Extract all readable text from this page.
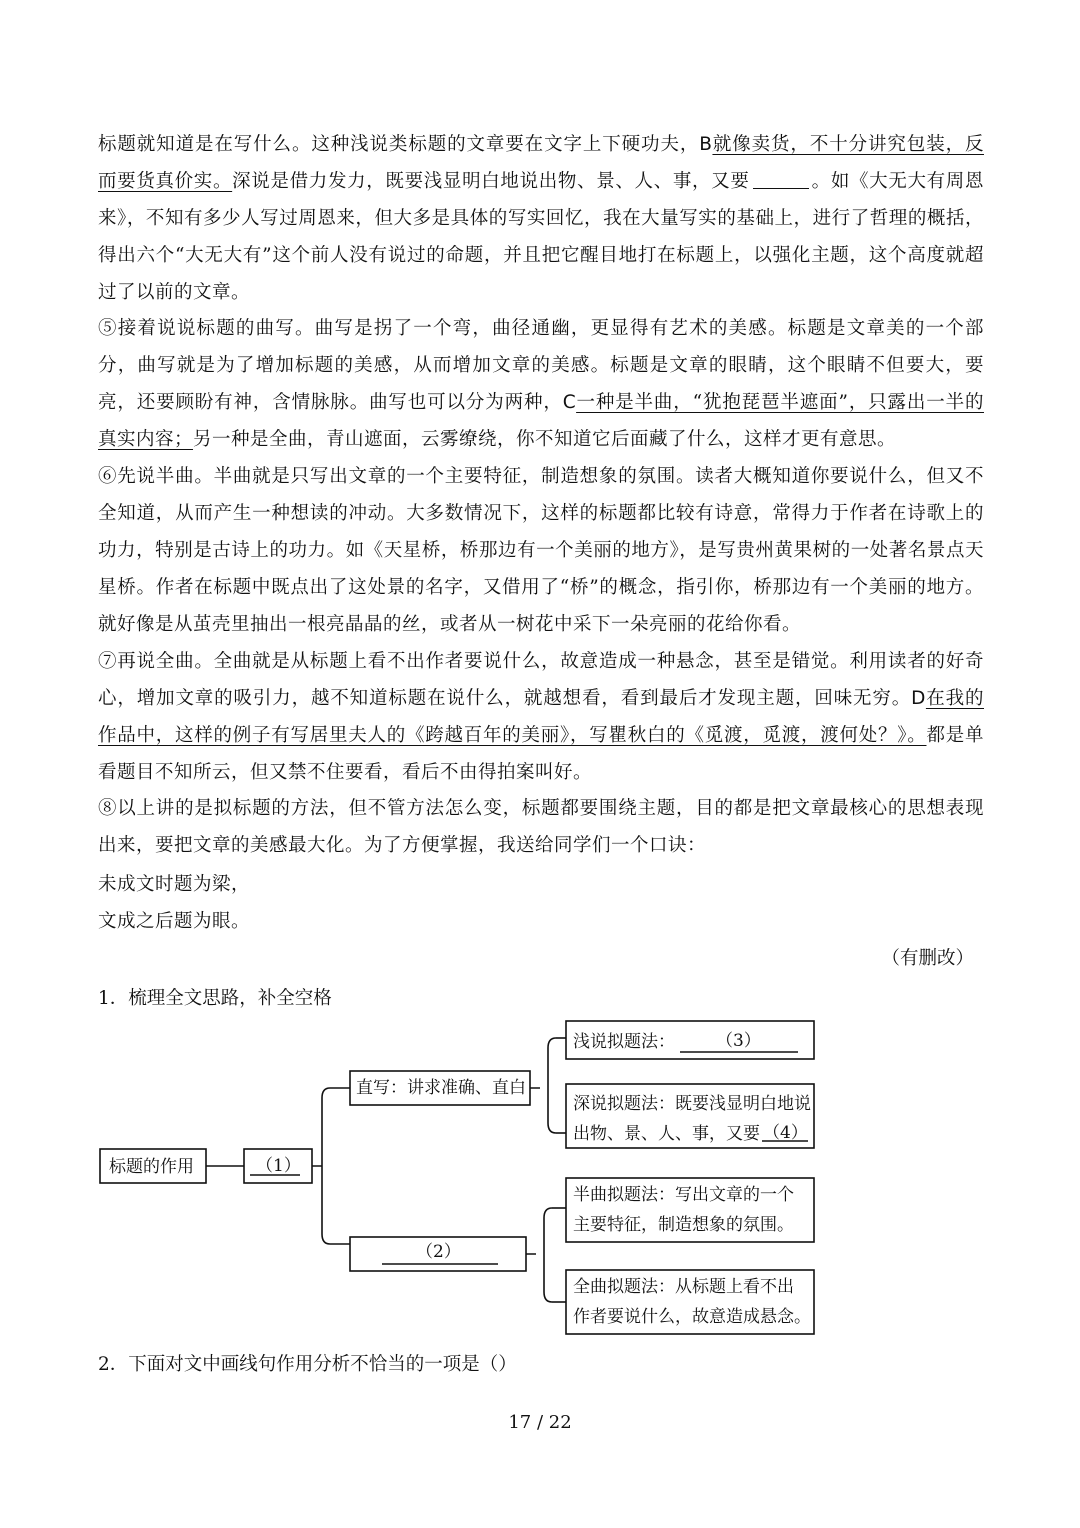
标题就知道是在写什么。这种浅说类标题的文章要在文字上下硬功夫，B就像卖货，不十分讲究包装，反而要货真价实。深说是借力发力，既要浅显明白地说出物、景、人、事，又要	。如《大无大有周恩来》，不知有多少人写过周恩来，但大多是具体的写实回忆，我在大量写实的基础上，进行了哲理的概括，得出六个“大无大有”这个前人没有说过的命题，并且把它醒目地打在标题上，以强化主题，这个高度就超过了以前的文章。

⑤接着说说标题的曲写。曲写是拐了一个弯，曲径通幽，更显得有艺术的美感。标题是文章美的一个部分，曲写就是为了增加标题的美感，从而增加文章的美感。标题是文章的眼睛，这个眼睛不但要大，要亮，还要顾盼有神，含情脉脉。曲写也可以分为两种，C一种是半曲，“犹抱琵琶半遮面”，只露出一半的真实内容；另一种是全曲，青山遮面，云雾缭绕，你不知道它后面藏了什么，这样才更有意思。

⑥先说半曲。半曲就是只写出文章的一个主要特征，制造想象的氛围。读者大概知道你要说什么，但又不全知道，从而产生一种想读的冲动。大多数情况下，这样的标题都比较有诗意，常得力于作者在诗歌上的功力，特别是古诗上的功力。如《天星桥，桥那边有一个美丽的地方》，是写贵州黄果树的一处著名景点天星桥。作者在标题中既点出了这处景的名字，又借用了“桥”的概念，指引你，桥那边有一个美丽的地方。就好像是从茧壳里抽出一根亮晶晶的丝，或者从一树花中采下一朵亮丽的花给你看。

⑦再说全曲。全曲就是从标题上看不出作者要说什么，故意造成一种悬念，甚至是错觉。利用读者的好奇心，增加文章的吸引力，越不知道标题在说什么，就越想看，看到最后才发现主题，回味无穷。D在我的作品中，这样的例子有写居里夫人的《跨越百年的美丽》，写瞿秋白的《觅渡，觅渡，渡何处？》。都是单看题目不知所云，但又禁不住要看，看后不由得拍案叫好。

⑧以上讲的是拟标题的方法，但不管方法怎么变，标题都要围绕主题，目的都是把文章最核心的思想表现出来，要把文章的美感最大化。为了方便掌握，我送给同学们一个口诀：

未成文时题为梁，

文成之后题为眼。

（有删改）

1．梳理全文思路，补全空格

标题的作用	（1）
直写：讲求准确、直白
浅说拟题法： （3）
深说拟题法：既要浅显明白地说
出物、景、人、事，又要 （4）
（2）
半曲拟题法：写出文章的一个
主要特征，制造想象的氛围。
全曲拟题法：从标题上看不出
作者要说什么，故意造成悬念。

2．下面对文中画线句作用分析不恰当的一项是（）

17 / 22
